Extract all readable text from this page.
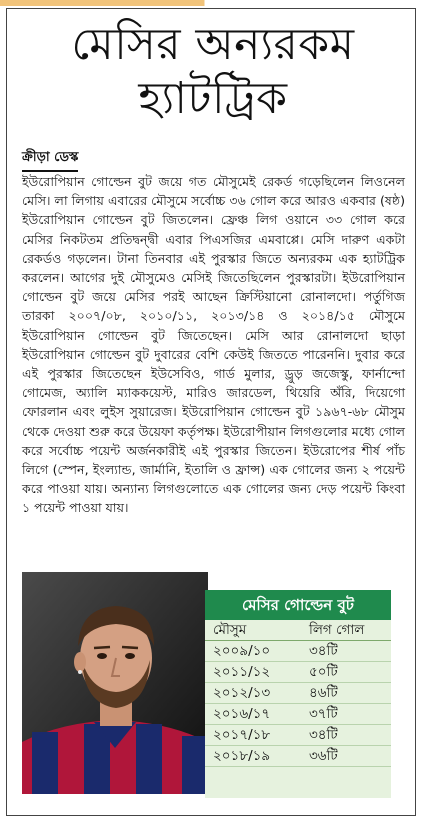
মেসির অন্যরকম
হ্যাটট্রিক
ক্রীড়া ডেস্ক
ইউরোপিয়ান গোল্ডেন বুট জয়ে গত মৌসুমেই রেকর্ড গড়েছিলেন লিওনেল মেসি। লা লিগায় এবারের মৌসুমে সর্বোচ্চ ৩৬ গোল করে আরও একবার (ষষ্ঠ) ইউরোপিয়ান গোল্ডেন বুট জিতলেন। ফ্রেঞ্চ লিগ ওয়ানে ৩৩ গোল করে মেসির নিকটতম প্রতিদ্বন্দ্বী এবার পিএসজির এমবাপ্পে। মেসি দারুণ একটা রেকর্ডও গড়লেন। টানা তিনবার এই পুরস্কার জিতে অন্যরকম এক হ্যাটট্রিক করলেন। আগের দুই মৌসুমেও মেসিই জিতেছিলেন পুরস্কারটা। ইউরোপিয়ান গোল্ডেন বুট জয়ে মেসির পরই আছেন ক্রিস্টিয়ানো রোনালদো। পর্তুগিজ তারকা ২০০৭/০৮, ২০১০/১১, ২০১৩/১৪ ও ২০১৪/১৫ মৌসুমে ইউরোপিয়ান গোল্ডেন বুট জিতেছেন। মেসি আর রোনালদো ছাড়া ইউরোপিয়ান গোল্ডেন বুট দুবারের বেশি কেউই জিততে পারেননি। দুবার করে এই পুরস্কার জিতেছেন ইউসেবিও, গার্ড মুলার, ড্রুড় জজেস্কু, ফার্নান্দো গোমেজ, অ্যালি ম্যাককয়েস্ট, মারিও জারডেল, থিয়েরি অঁরি, দিয়েগো ফোরলান এবং লুইস সুয়ারেজ। ইউরোপিয়ান গোল্ডেন বুট ১৯৬৭-৬৮ মৌসুম থেকে দেওয়া শুরু করে উয়েফা কর্তৃপক্ষ। ইউরোপীয়ান লিগগুলোর মধ্যে গোল করে সর্বোচ্চ পয়েন্ট অর্জনকারীই এই পুরস্কার জিতেন। ইউরোপের শীর্ষ পাঁচ লিগে (স্পেন, ইংল্যান্ড, জার্মানি, ইতালি ও ফ্রান্স) এক গোলের জন্য ২ পয়েন্ট করে পাওয়া যায়। অন্যান্য লিগগুলোতে এক গোলের জন্য দেড় পয়েন্ট কিংবা ১ পয়েন্ট পাওয়া যায়।
মেসির গোল্ডেন বুট
মৌসুম	লিগ গোল
২০০৯/১০	৩৪টি
২০১১/১২	৫০টি
২০১২/১৩	৪৬টি
২০১৬/১৭	৩৭টি
২০১৭/১৮	৩৪টি
২০১৮/১৯	৩৬টি
